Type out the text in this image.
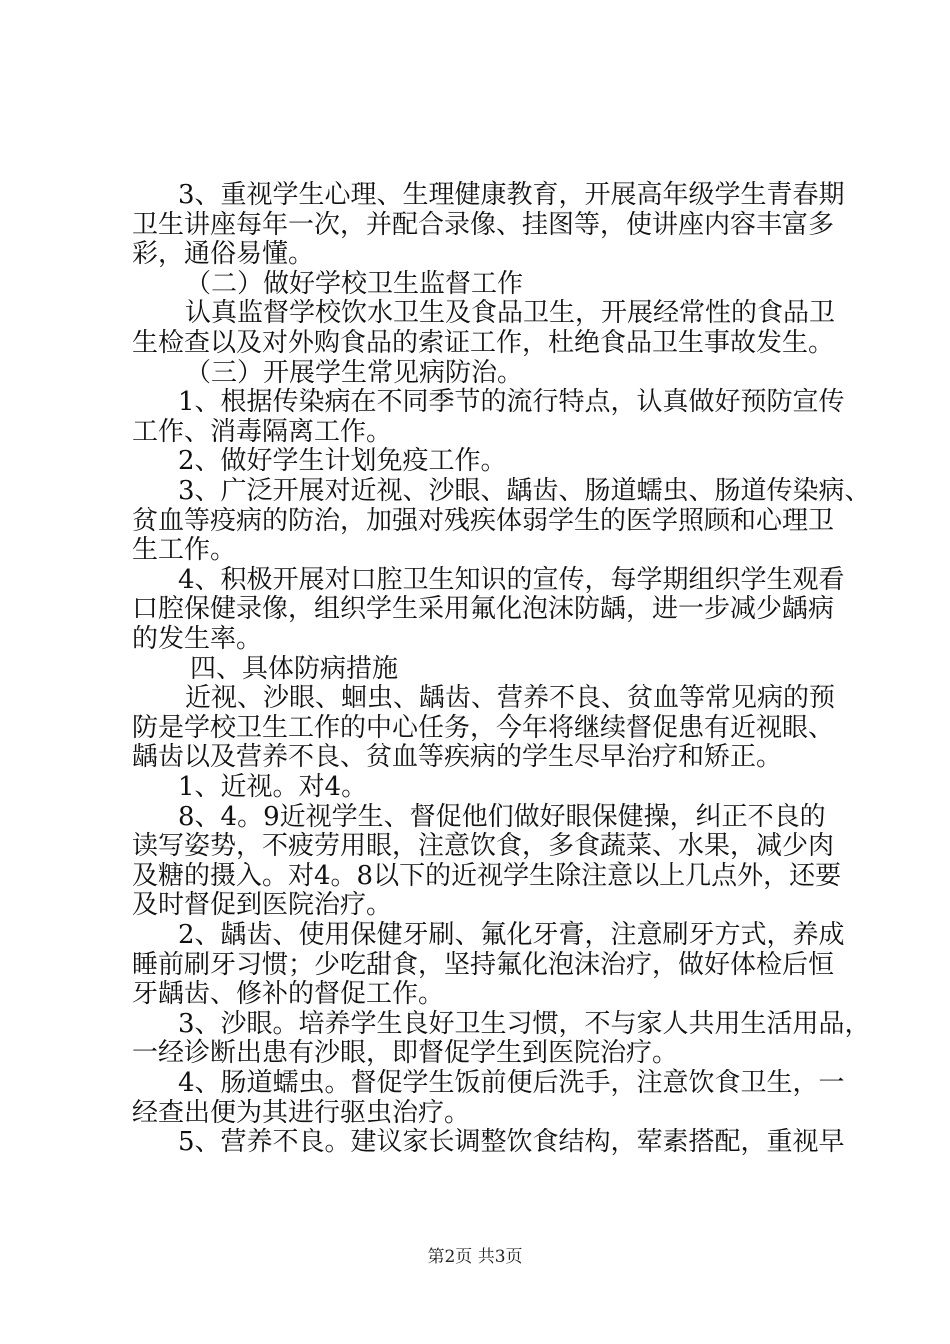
3、重视学生心理、生理健康教育，开展高年级学生青春期
卫生讲座每年一次，并配合录像、挂图等，使讲座内容丰富多
彩，通俗易懂。
（二）做好学校卫生监督工作
认真监督学校饮水卫生及食品卫生，开展经常性的食品卫
生检查以及对外购食品的索证工作，杜绝食品卫生事故发生。
（三）开展学生常见病防治。
1、根据传染病在不同季节的流行特点，认真做好预防宣传
工作、消毒隔离工作。
2、做好学生计划免疫工作。
3、广泛开展对近视、沙眼、龋齿、肠道蠕虫、肠道传染病、
贫血等疫病的防治，加强对残疾体弱学生的医学照顾和心理卫
生工作。
4、积极开展对口腔卫生知识的宣传，每学期组织学生观看
口腔保健录像，组织学生采用氟化泡沫防龋，进一步减少龋病
的发生率。
四、具体防病措施
近视、沙眼、蛔虫、龋齿、营养不良、贫血等常见病的预
防是学校卫生工作的中心任务，今年将继续督促患有近视眼、
龋齿以及营养不良、贫血等疾病的学生尽早治疗和矫正。
1、近视。对4。
8、4。9近视学生、督促他们做好眼保健操，纠正不良的
读写姿势，不疲劳用眼，注意饮食，多食蔬菜、水果，减少肉
及糖的摄入。对4。8以下的近视学生除注意以上几点外，还要
及时督促到医院治疗。
2、龋齿、使用保健牙刷、氟化牙膏，注意刷牙方式，养成
睡前刷牙习惯；少吃甜食，坚持氟化泡沫治疗，做好体检后恒
牙龋齿、修补的督促工作。
3、沙眼。培养学生良好卫生习惯，不与家人共用生活用品，
一经诊断出患有沙眼，即督促学生到医院治疗。
4、肠道蠕虫。督促学生饭前便后洗手，注意饮食卫生，一
经查出便为其进行驱虫治疗。
5、营养不良。建议家长调整饮食结构，荤素搭配，重视早
第2页 共3页
